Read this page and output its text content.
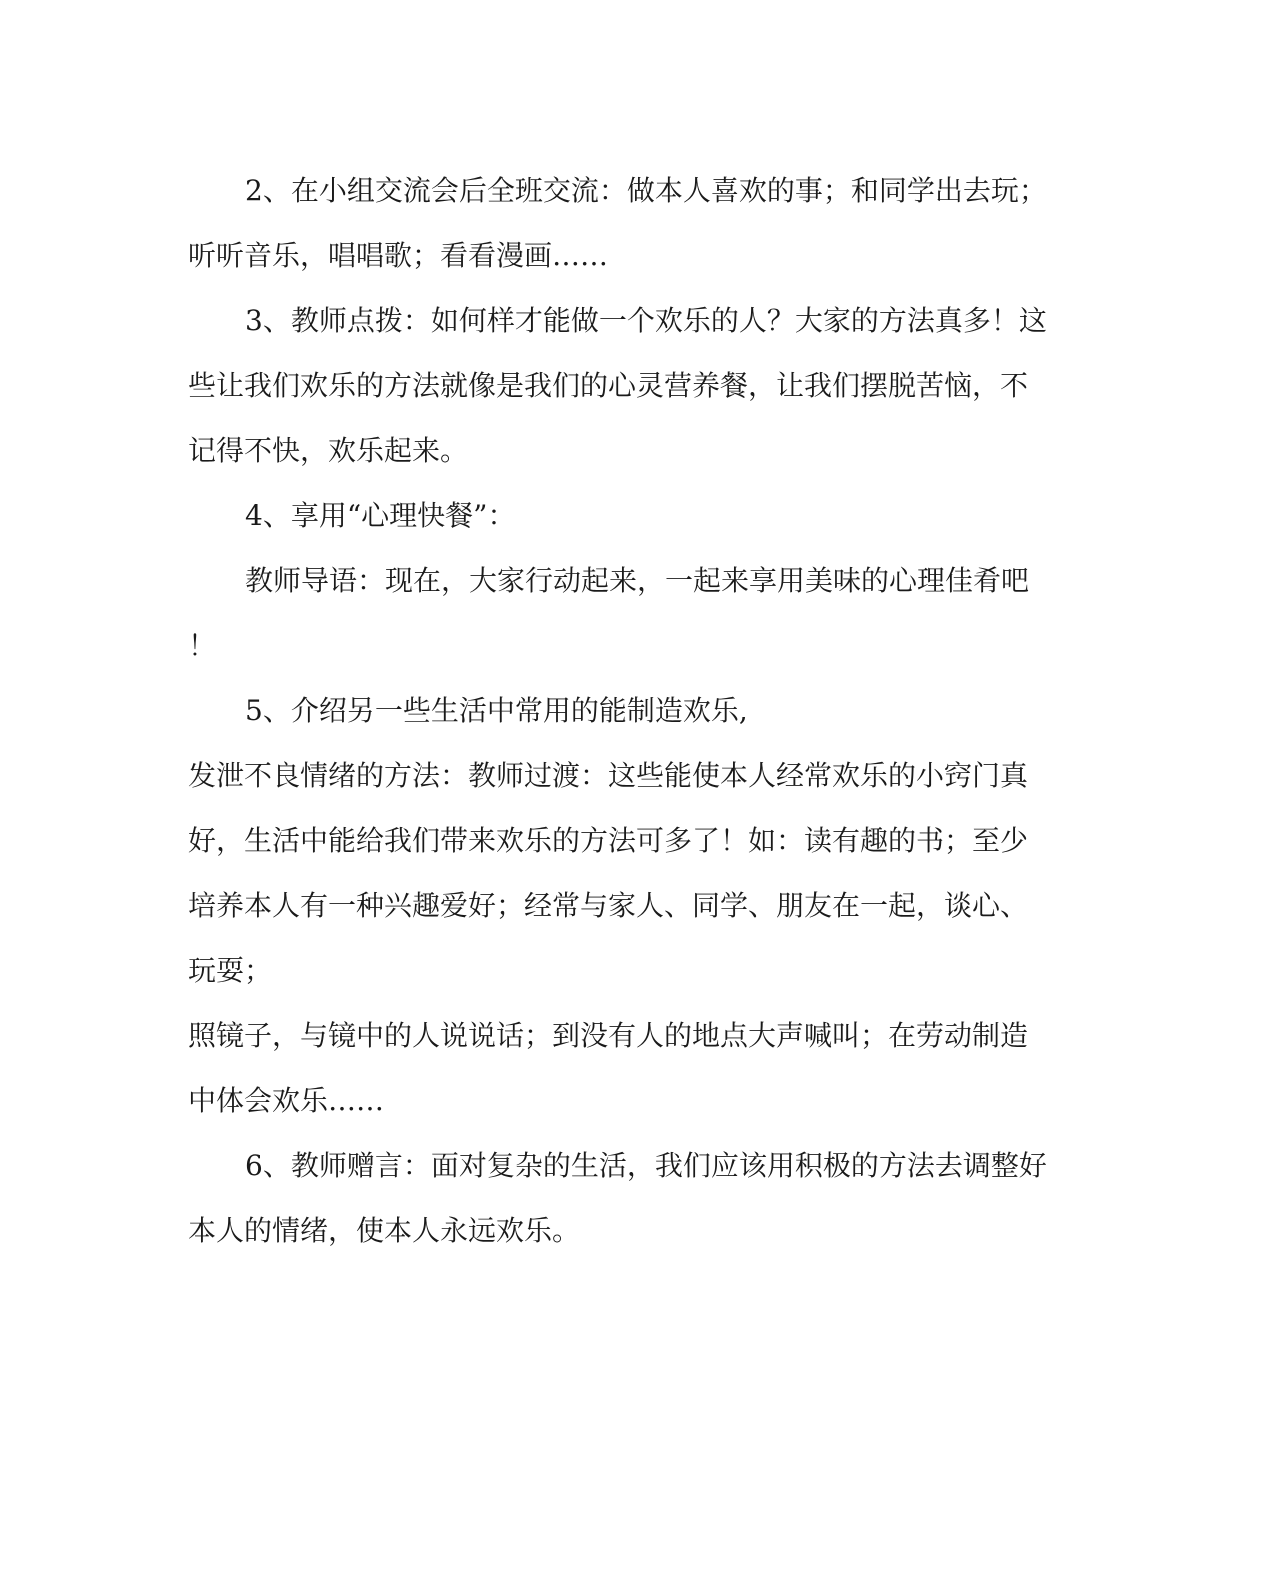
2、在小组交流会后全班交流：做本人喜欢的事；和同学出去玩；
听听音乐，唱唱歌；看看漫画……
3、教师点拨：如何样才能做一个欢乐的人？大家的方法真多！这
些让我们欢乐的方法就像是我们的心灵营养餐，让我们摆脱苦恼，不
记得不快，欢乐起来。
4、享用“心理快餐”：
教师导语：现在，大家行动起来，一起来享用美味的心理佳肴吧
！
5、介绍另一些生活中常用的能制造欢乐,
发泄不良情绪的方法：教师过渡：这些能使本人经常欢乐的小窍门真
好，生活中能给我们带来欢乐的方法可多了！如：读有趣的书；至少
培养本人有一种兴趣爱好；经常与家人、同学、朋友在一起，谈心、
玩耍；
照镜子，与镜中的人说说话；到没有人的地点大声喊叫；在劳动制造
中体会欢乐……
6、教师赠言：面对复杂的生活，我们应该用积极的方法去调整好
本人的情绪，使本人永远欢乐。
